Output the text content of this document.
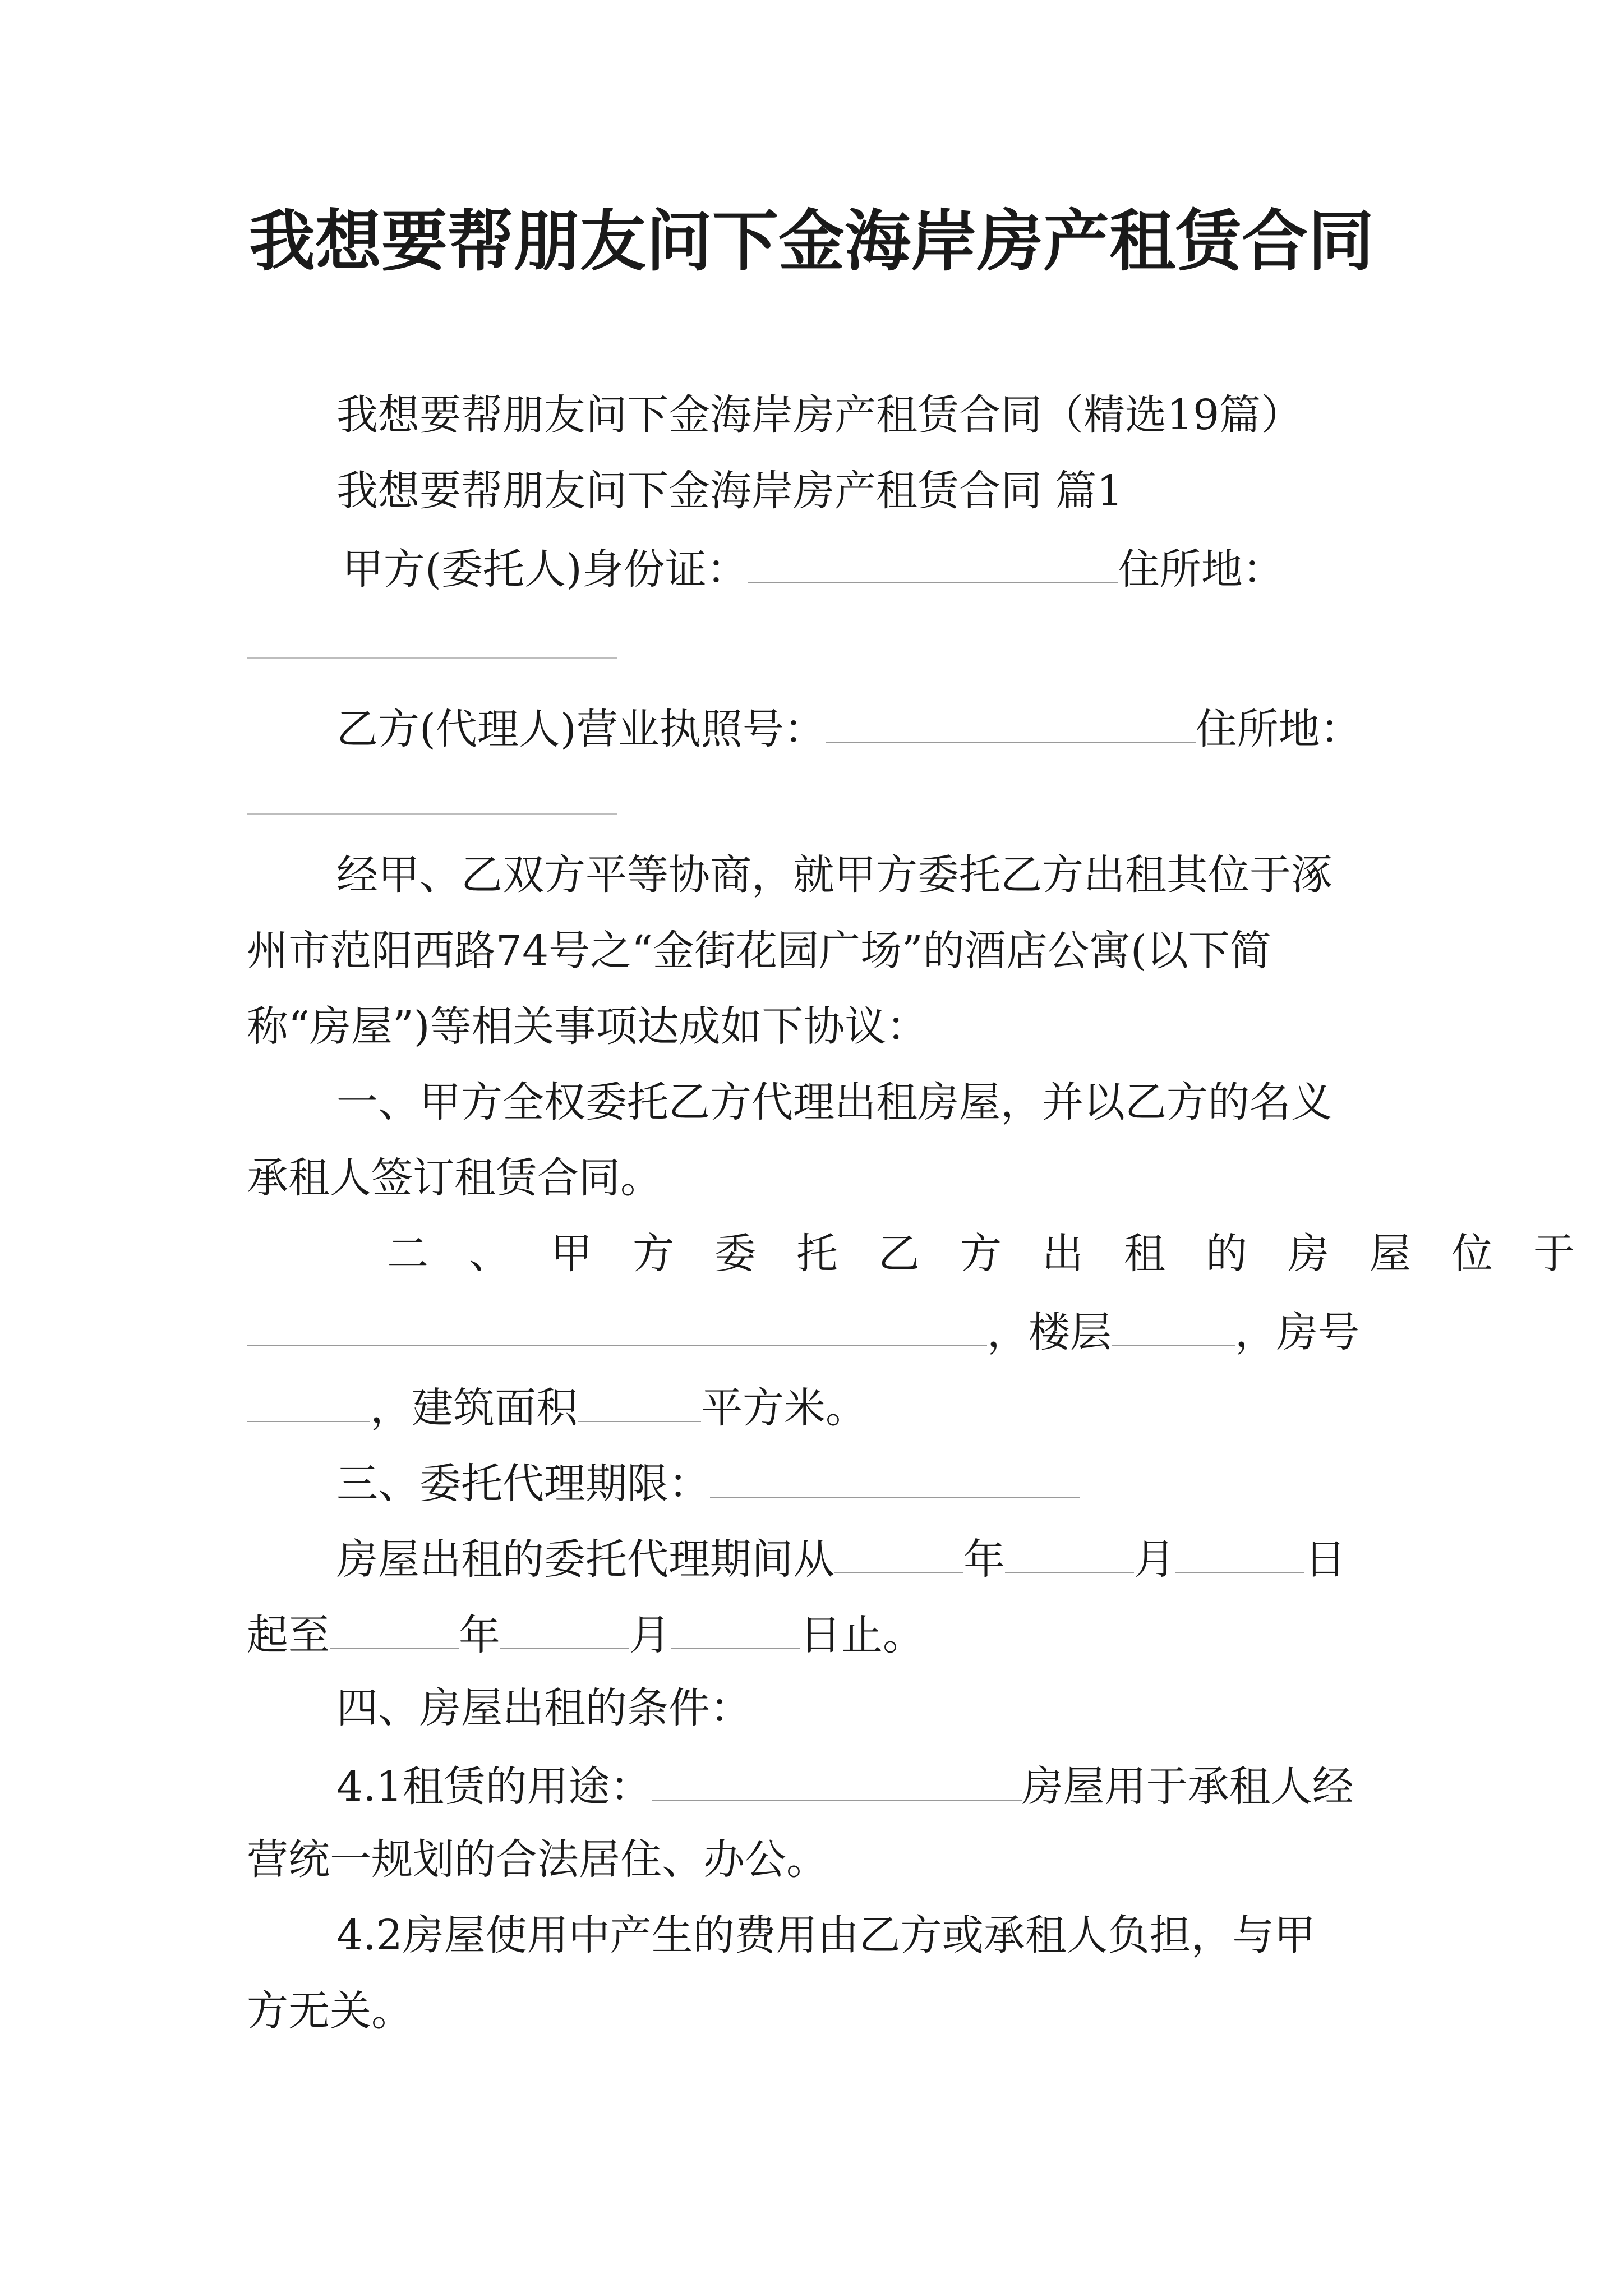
我想要帮朋友问下金海岸房产租赁合同
我想要帮朋友问下金海岸房产租赁合同（精选19篇）
我想要帮朋友问下金海岸房产租赁合同 篇1
甲方(委托人)身份证：	住所地：
乙方(代理人)营业执照号：	住所地：
经甲、乙双方平等协商，就甲方委托乙方出租其位于涿
州市范阳西路74号之“金街花园广场”的酒店公寓(以下简
称“房屋”)等相关事项达成如下协议：
一、甲方全权委托乙方代理出租房屋，并以乙方的名义
承租人签订租赁合同。
二、甲方委托乙方出租的房屋位于
，楼层	，房号
，建筑面积	平方米。
三、委托代理期限：
房屋出租的委托代理期间从	年	月	日
起至	年	月	日止。
四、房屋出租的条件：
4.1租赁的用途：	房屋用于承租人经
营统一规划的合法居住、办公。
4.2房屋使用中产生的费用由乙方或承租人负担，与甲
方无关。
